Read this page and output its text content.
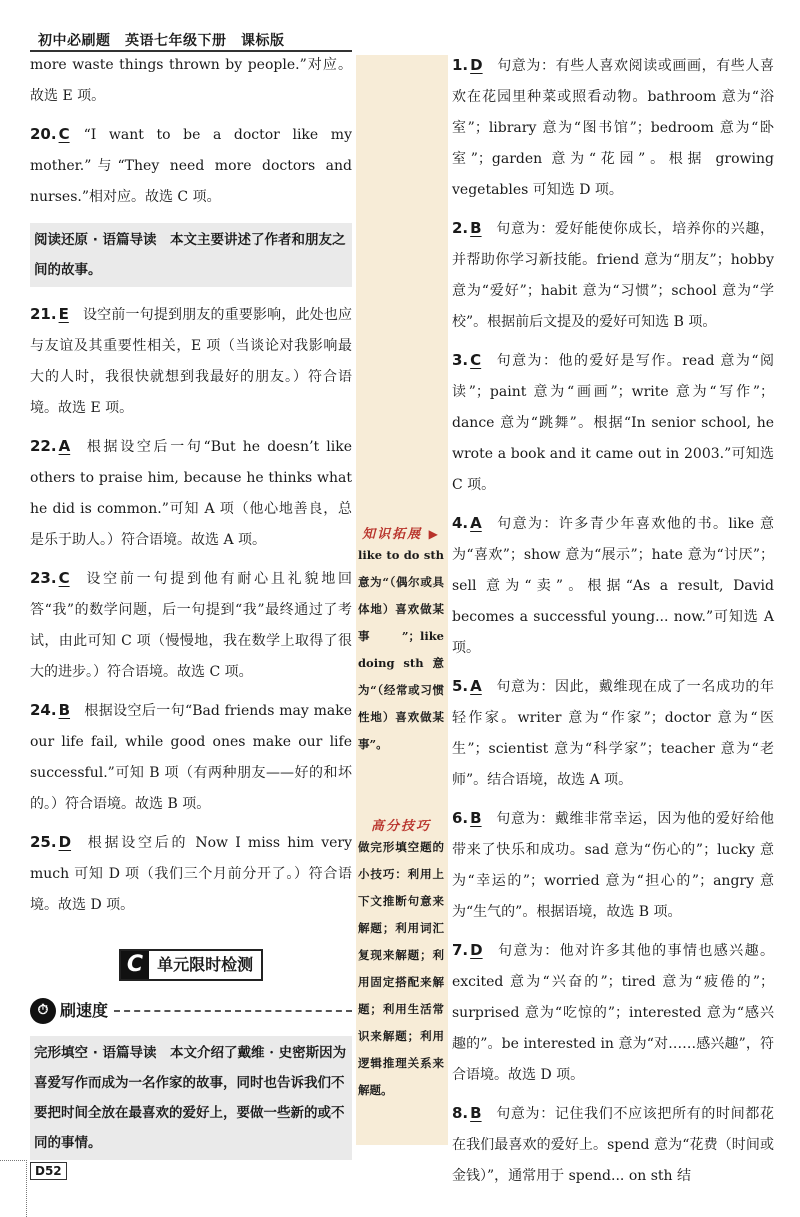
初中必刷题　英语七年级下册　课标版

more waste things thrown by people.”对应。故选 E 项。

20. C “I want to be a doctor like my mother.”与“They need more doctors and nurses.”相对应。故选 C 项。

阅读还原 · 语篇导读　 本文主要讲述了作者和朋友之间的故事。

21. E 设空前一句提到朋友的重要影响，此处也应与友谊及其重要性相关，E 项（当谈论对我影响最大的人时，我很快就想到我最好的朋友。）符合语境。故选 E 项。

22. A 根据设空后一句“But he doesn’t like others to praise him, because he thinks what he did is common.”可知 A 项（他心地善良，总是乐于助人。）符合语境。故选 A 项。

23. C 设空前一句提到他有耐心且礼貌地回答“我”的数学问题，后一句提到“我”最终通过了考试，由此可知 C 项（慢慢地，我在数学上取得了很大的进步。）符合语境。故选 C 项。

24. B 根据设空后一句“Bad friends may make our life fail, while good ones make our life successful.”可知 B 项（有两种朋友——好的和坏的。）符合语境。故选 B 项。

25. D 根据设空后的 Now I miss him very much 可知 D 项（我们三个月前分开了。）符合语境。故选 D 项。

C 单元限时检测
⏱ 刷速度
完形填空 · 语篇导读　 本文介绍了戴维 · 史密斯因为喜爱写作而成为一名作家的故事，同时也告诉我们不要把时间全放在最喜欢的爱好上，要做一些新的或不同的事情。
知识拓展 ▶
like to do sth 意为“（偶尔或具体地）喜欢做某事”；like doing sth 意为“（经常或习惯性地）喜欢做某事”。
高分技巧
做完形填空题的小技巧：利用上下文推断句意来解题；利用词汇复现来解题；利用固定搭配来解题；利用生活常识来解题；利用逻辑推理关系来解题。

1. D 句意为：有些人喜欢阅读或画画，有些人喜欢在花园里种菜或照看动物。bathroom 意为“浴室”；library 意为“图书馆”；bedroom 意为“卧室”；garden 意为“花园”。根据 growing vegetables 可知选 D 项。

2. B 句意为：爱好能使你成长，培养你的兴趣，并帮助你学习新技能。friend 意为“朋友”；hobby 意为“爱好”；habit 意为“习惯”；school 意为“学校”。根据前后文提及的爱好可知选 B 项。

3. C 句意为：他的爱好是写作。read 意为“阅读”；paint 意为“画画”；write 意为“写作”；dance 意为“跳舞”。根据“In senior school, he wrote a book and it came out in 2003.”可知选 C 项。

4. A 句意为：许多青少年喜欢他的书。like 意为“喜欢”；show 意为“展示”；hate 意为“讨厌”；sell 意为“卖”。根据“As a result, David becomes a successful young... now.”可知选 A 项。

5. A 句意为：因此，戴维现在成了一名成功的年轻作家。writer 意为“作家”；doctor 意为“医生”；scientist 意为“科学家”；teacher 意为“老师”。结合语境，故选 A 项。

6. B 句意为：戴维非常幸运，因为他的爱好给他带来了快乐和成功。sad 意为“伤心的”；lucky 意为“幸运的”；worried 意为“担心的”；angry 意为“生气的”。根据语境，故选 B 项。

7. D 句意为：他对许多其他的事情也感兴趣。excited 意为“兴奋的”；tired 意为“疲倦的”；surprised 意为“吃惊的”；interested 意为“感兴趣的”。be interested in 意为“对……感兴趣”，符合语境。故选 D 项。

8. B 句意为：记住我们不应该把所有的时间都花在我们最喜欢的爱好上。spend 意为“花费（时间或金钱）”，通常用于 spend... on sth 结

D52
